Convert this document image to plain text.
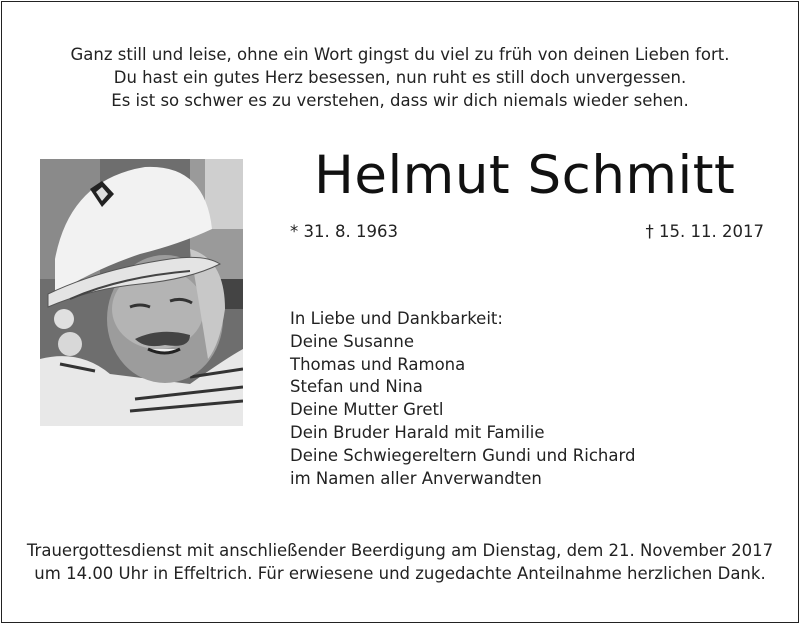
Ganz still und leise, ohne ein Wort gingst du viel zu früh von deinen Lieben fort.
Du hast ein gutes Herz besessen, nun ruht es still doch unvergessen.
Es ist so schwer es zu verstehen, dass wir dich niemals wieder sehen.
Helmut Schmitt
* 31. 8. 1963	† 15. 11. 2017
In Liebe und Dankbarkeit:
Deine Susanne
Thomas und Ramona
Stefan und Nina
Deine Mutter Gretl
Dein Bruder Harald mit Familie
Deine Schwiegereltern Gundi und Richard
im Namen aller Anverwandten
Trauergottesdienst mit anschließender Beerdigung am Dienstag, dem 21. November 2017
um 14.00 Uhr in Effeltrich. Für erwiesene und zugedachte Anteilnahme herzlichen Dank.
